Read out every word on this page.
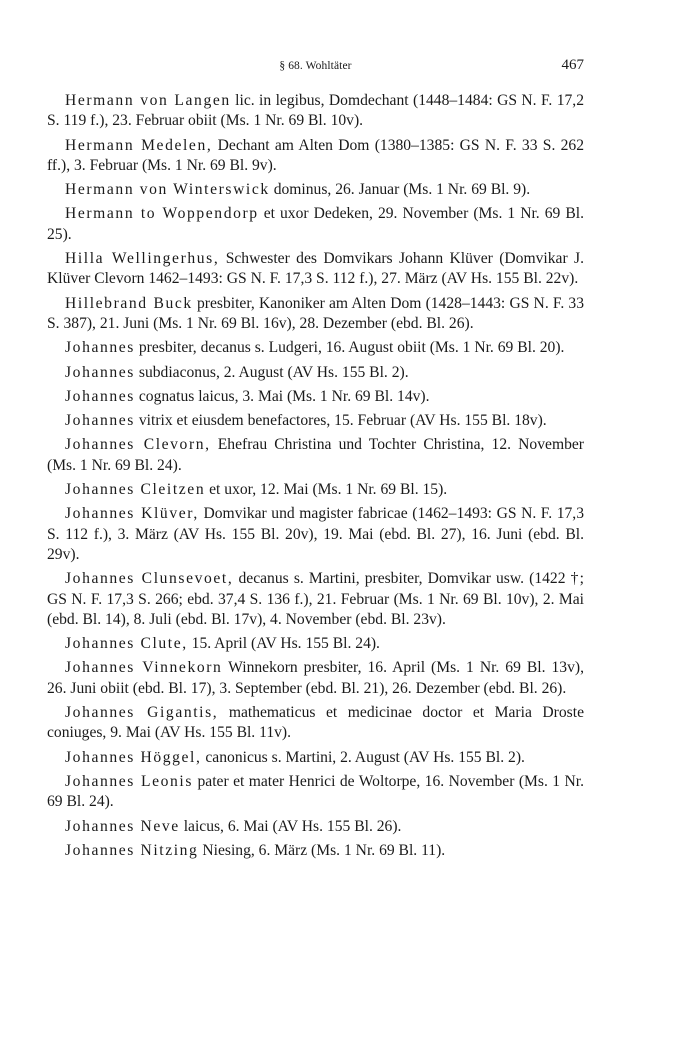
§ 68. Wohltäter	467

Hermann von Langen lic. in legibus, Domdechant (1448–1484: GS N. F. 17,2 S. 119 f.), 23. Februar obiit (Ms. 1 Nr. 69 Bl. 10v).

Hermann Medelen, Dechant am Alten Dom (1380–1385: GS N. F. 33 S. 262 ff.), 3. Februar (Ms. 1 Nr. 69 Bl. 9v).

Hermann von Winterswick dominus, 26. Januar (Ms. 1 Nr. 69 Bl. 9).

Hermann to Woppendorp et uxor Dedeken, 29. November (Ms. 1 Nr. 69 Bl. 25).

Hilla Wellingerhus, Schwester des Domvikars Johann Klüver (Domvikar J. Klüver Clevorn 1462–1493: GS N. F. 17,3 S. 112 f.), 27. März (AV Hs. 155 Bl. 22v).

Hillebrand Buck presbiter, Kanoniker am Alten Dom (1428–1443: GS N. F. 33 S. 387), 21. Juni (Ms. 1 Nr. 69 Bl. 16v), 28. Dezember (ebd. Bl. 26).

Johannes presbiter, decanus s. Ludgeri, 16. August obiit (Ms. 1 Nr. 69 Bl. 20).

Johannes subdiaconus, 2. August (AV Hs. 155 Bl. 2).

Johannes cognatus laicus, 3. Mai (Ms. 1 Nr. 69 Bl. 14v).

Johannes vitrix et eiusdem benefactores, 15. Februar (AV Hs. 155 Bl. 18v).

Johannes Clevorn, Ehefrau Christina und Tochter Christina, 12. November (Ms. 1 Nr. 69 Bl. 24).

Johannes Cleitzen et uxor, 12. Mai (Ms. 1 Nr. 69 Bl. 15).

Johannes Klüver, Domvikar und magister fabricae (1462–1493: GS N. F. 17,3 S. 112 f.), 3. März (AV Hs. 155 Bl. 20v), 19. Mai (ebd. Bl. 27), 16. Juni (ebd. Bl. 29v).

Johannes Clunsevoet, decanus s. Martini, presbiter, Domvikar usw. (1422 †; GS N. F. 17,3 S. 266; ebd. 37,4 S. 136 f.), 21. Februar (Ms. 1 Nr. 69 Bl. 10v), 2. Mai (ebd. Bl. 14), 8. Juli (ebd. Bl. 17v), 4. November (ebd. Bl. 23v).

Johannes Clute, 15. April (AV Hs. 155 Bl. 24).

Johannes Vinnekorn Winnekorn presbiter, 16. April (Ms. 1 Nr. 69 Bl. 13v), 26. Juni obiit (ebd. Bl. 17), 3. September (ebd. Bl. 21), 26. Dezember (ebd. Bl. 26).

Johannes Gigantis, mathematicus et medicinae doctor et Maria Droste coniuges, 9. Mai (AV Hs. 155 Bl. 11v).

Johannes Höggel, canonicus s. Martini, 2. August (AV Hs. 155 Bl. 2).

Johannes Leonis pater et mater Henrici de Woltorpe, 16. November (Ms. 1 Nr. 69 Bl. 24).

Johannes Neve laicus, 6. Mai (AV Hs. 155 Bl. 26).

Johannes Nitzing Niesing, 6. März (Ms. 1 Nr. 69 Bl. 11).
